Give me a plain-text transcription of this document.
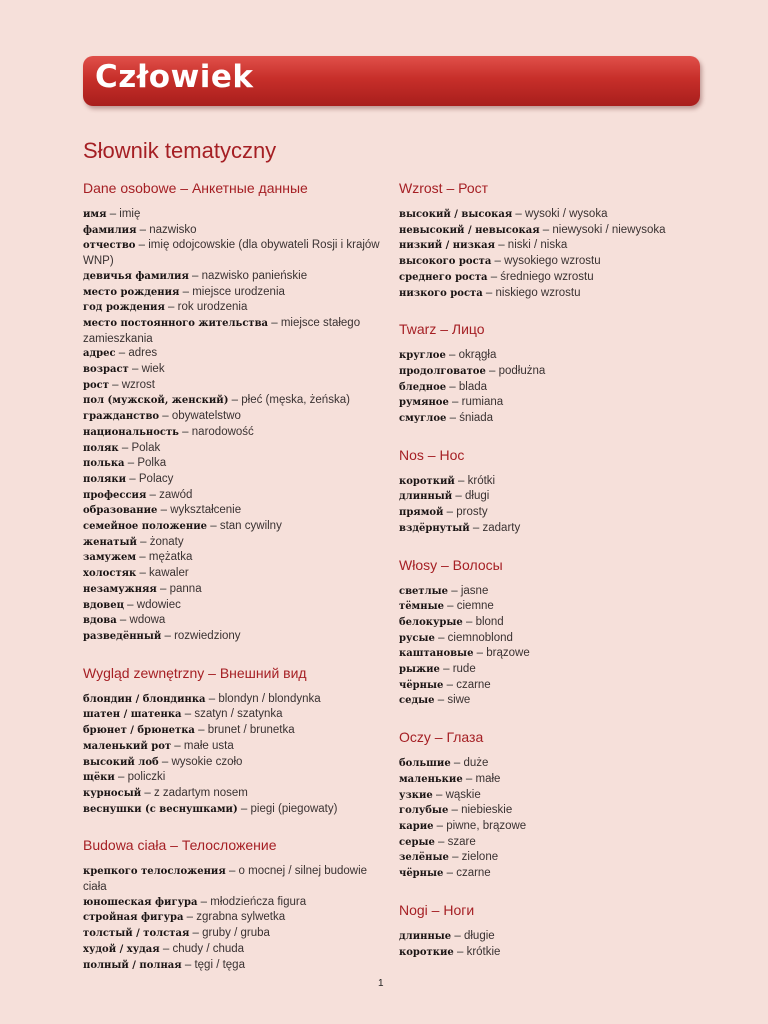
Człowiek
Słownik tematyczny
Dane osobowe – Анкетные данные
имя – imię
фамилия – nazwisko
отчество – imię odojcowskie (dla obywateli Rosji i krajów WNP)
девичья фамилия – nazwisko panieńskie
место рождения – miejsce urodzenia
год рождения – rok urodzenia
место постоянного жительства – miejsce stałego zamieszkania
адрес – adres
возраст – wiek
рост – wzrost
пол (мужской, женский) – płeć (męska, żeńska)
гражданство – obywatelstwo
национальность – narodowość
поляк – Polak
полька – Polka
поляки – Polacy
профессия – zawód
образование – wykształcenie
семейное положение – stan cywilny
женатый – żonaty
замужем – mężatka
холостяк – kawaler
незамужняя – panna
вдовец – wdowiec
вдова – wdowa
разведённый – rozwiedziony
Wygląd zewnętrzny – Внешний вид
блондин / блондинка – blondyn / blondynka
шатен / шатенка – szatyn / szatynka
брюнет / брюнетка – brunet / brunetka
маленький рот – małe usta
высокий лоб – wysokie czoło
щёки – policzki
курносый – z zadartym nosem
веснушки (с веснушками) – piegi (piegowaty)
Budowa ciała – Телосложение
крепкого телосложения – o mocnej / silnej budowie ciała
юношеская фигура – młodzieńcza figura
стройная фигура – zgrabna sylwetka
толстый / толстая – gruby / gruba
худой / худая – chudy / chuda
полный / полная – tęgi / tęga
Wzrost – Рост
высокий / высокая – wysoki / wysoka
невысокий / невысокая – niewysoki / niewysoka
низкий / низкая – niski / niska
высокого роста – wysokiego wzrostu
среднего роста – średniego wzrostu
низкого роста – niskiego wzrostu
Twarz – Лицо
круглое – okrągła
продолговатое – podłużna
бледное – blada
румяное – rumiana
смуглое – śniada
Nos – Нос
короткий – krótki
длинный – długi
прямой – prosty
вздёрнутый – zadarty
Włosy – Волосы
светлые – jasne
тёмные – ciemne
белокурые – blond
русые – ciemnoblond
каштановые – brązowe
рыжие – rude
чёрные – czarne
седые – siwe
Oczy – Глаза
большие – duże
маленькие – małe
узкие – wąskie
голубые – niebieskie
карие – piwne, brązowe
серые – szare
зелёные – zielone
чёрные – czarne
Nogi – Ноги
длинные – długie
короткие – krótkie
1
